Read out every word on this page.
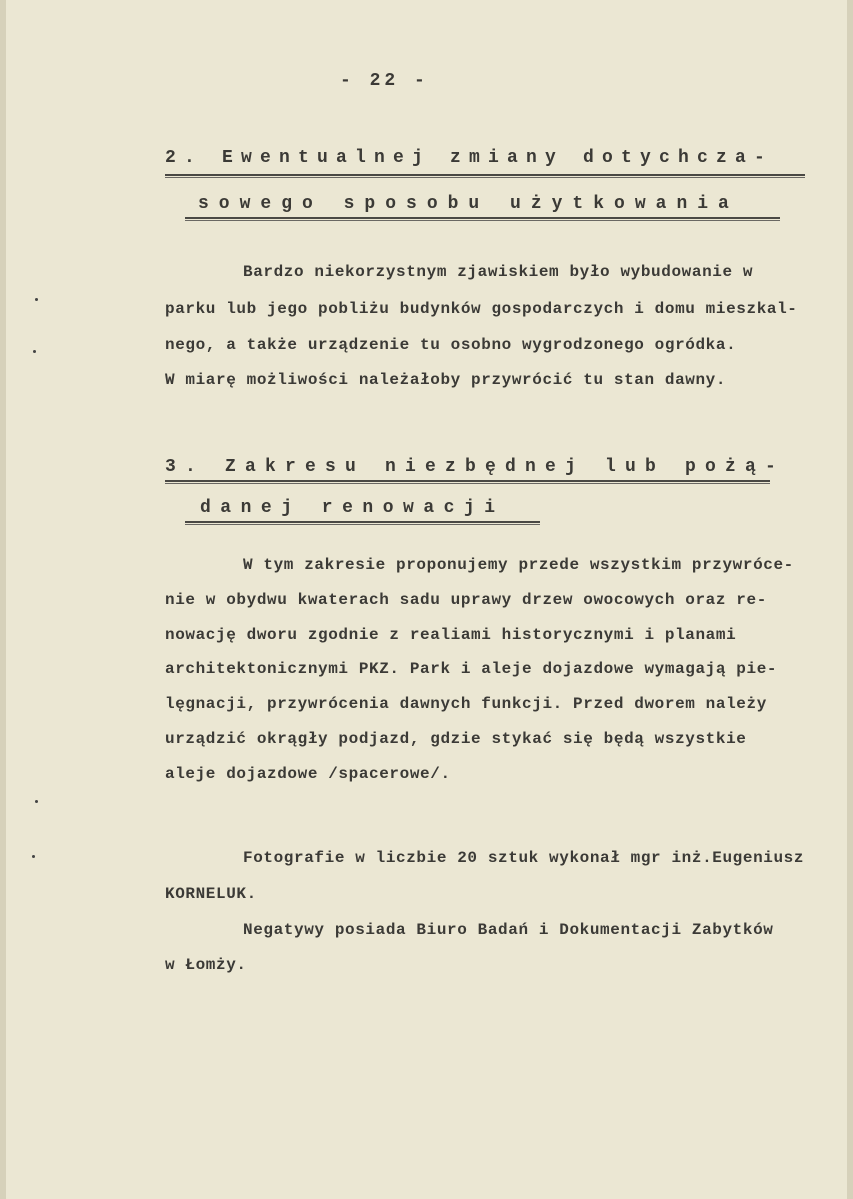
- 22 -
2. Ewentualnej zmiany dotychcza-
sowego sposobu użytkowania
Bardzo niekorzystnym zjawiskiem było wybudowanie w
parku lub jego pobliżu budynków gospodarczych i domu mieszkal-
nego, a także urządzenie tu osobno wygrodzonego ogródka.
W miarę możliwości należałoby przywrócić tu stan dawny.
3. Zakresu niezbędnej lub pożą-
danej renowacji
W tym zakresie proponujemy przede wszystkim przywróce-
nie w obydwu kwaterach sadu uprawy drzew owocowych oraz re-
nowację dworu zgodnie z realiami historycznymi i planami
architektonicznymi PKZ. Park i aleje dojazdowe wymagają pie-
lęgnacji, przywrócenia dawnych funkcji. Przed dworem należy
urządzić okrągły podjazd, gdzie stykać się będą wszystkie
aleje dojazdowe /spacerowe/.
Fotografie w liczbie 20 sztuk wykonał mgr inż.Eugeniusz
KORNELUK.
Negatywy posiada Biuro Badań i Dokumentacji Zabytków
w Łomży.
